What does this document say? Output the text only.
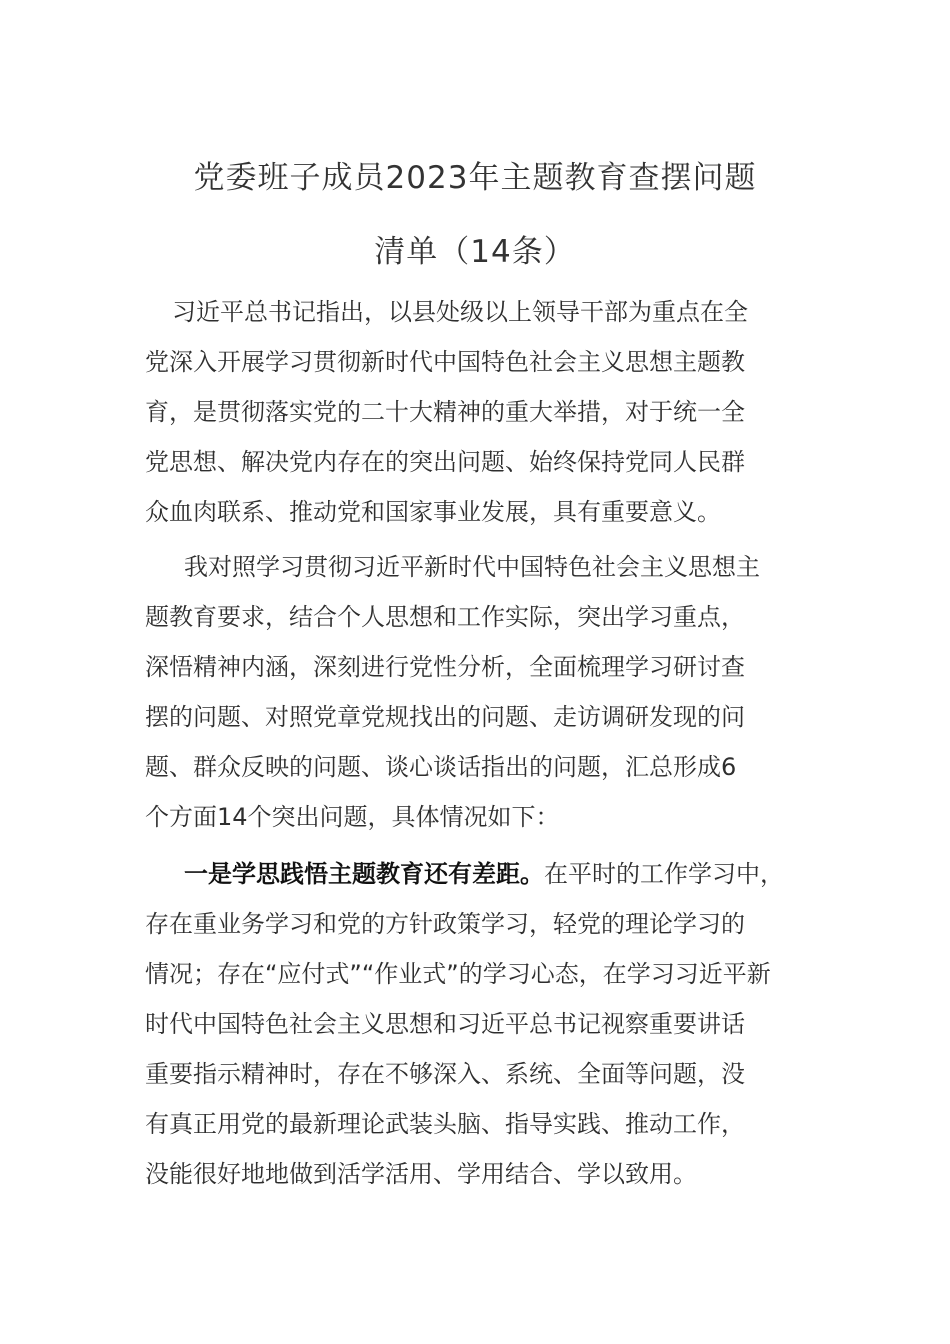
党委班子成员2023年主题教育查摆问题
清单（14条）
习近平总书记指出，以县处级以上领导干部为重点在全
党深入开展学习贯彻新时代中国特色社会主义思想主题教
育，是贯彻落实党的二十大精神的重大举措，对于统一全
党思想、解决党内存在的突出问题、始终保持党同人民群
众血肉联系、推动党和国家事业发展，具有重要意义。
我对照学习贯彻习近平新时代中国特色社会主义思想主
题教育要求，结合个人思想和工作实际，突出学习重点，
深悟精神内涵，深刻进行党性分析，全面梳理学习研讨查
摆的问题、对照党章党规找出的问题、走访调研发现的问
题、群众反映的问题、谈心谈话指出的问题，汇总形成6
个方面14个突出问题，具体情况如下：
一是学思践悟主题教育还有差距。在平时的工作学习中，
存在重业务学习和党的方针政策学习，轻党的理论学习的
情况；存在“应付式”“作业式”的学习心态，在学习习近平新
时代中国特色社会主义思想和习近平总书记视察重要讲话
重要指示精神时，存在不够深入、系统、全面等问题，没
有真正用党的最新理论武装头脑、指导实践、推动工作，
没能很好地地做到活学活用、学用结合、学以致用。
